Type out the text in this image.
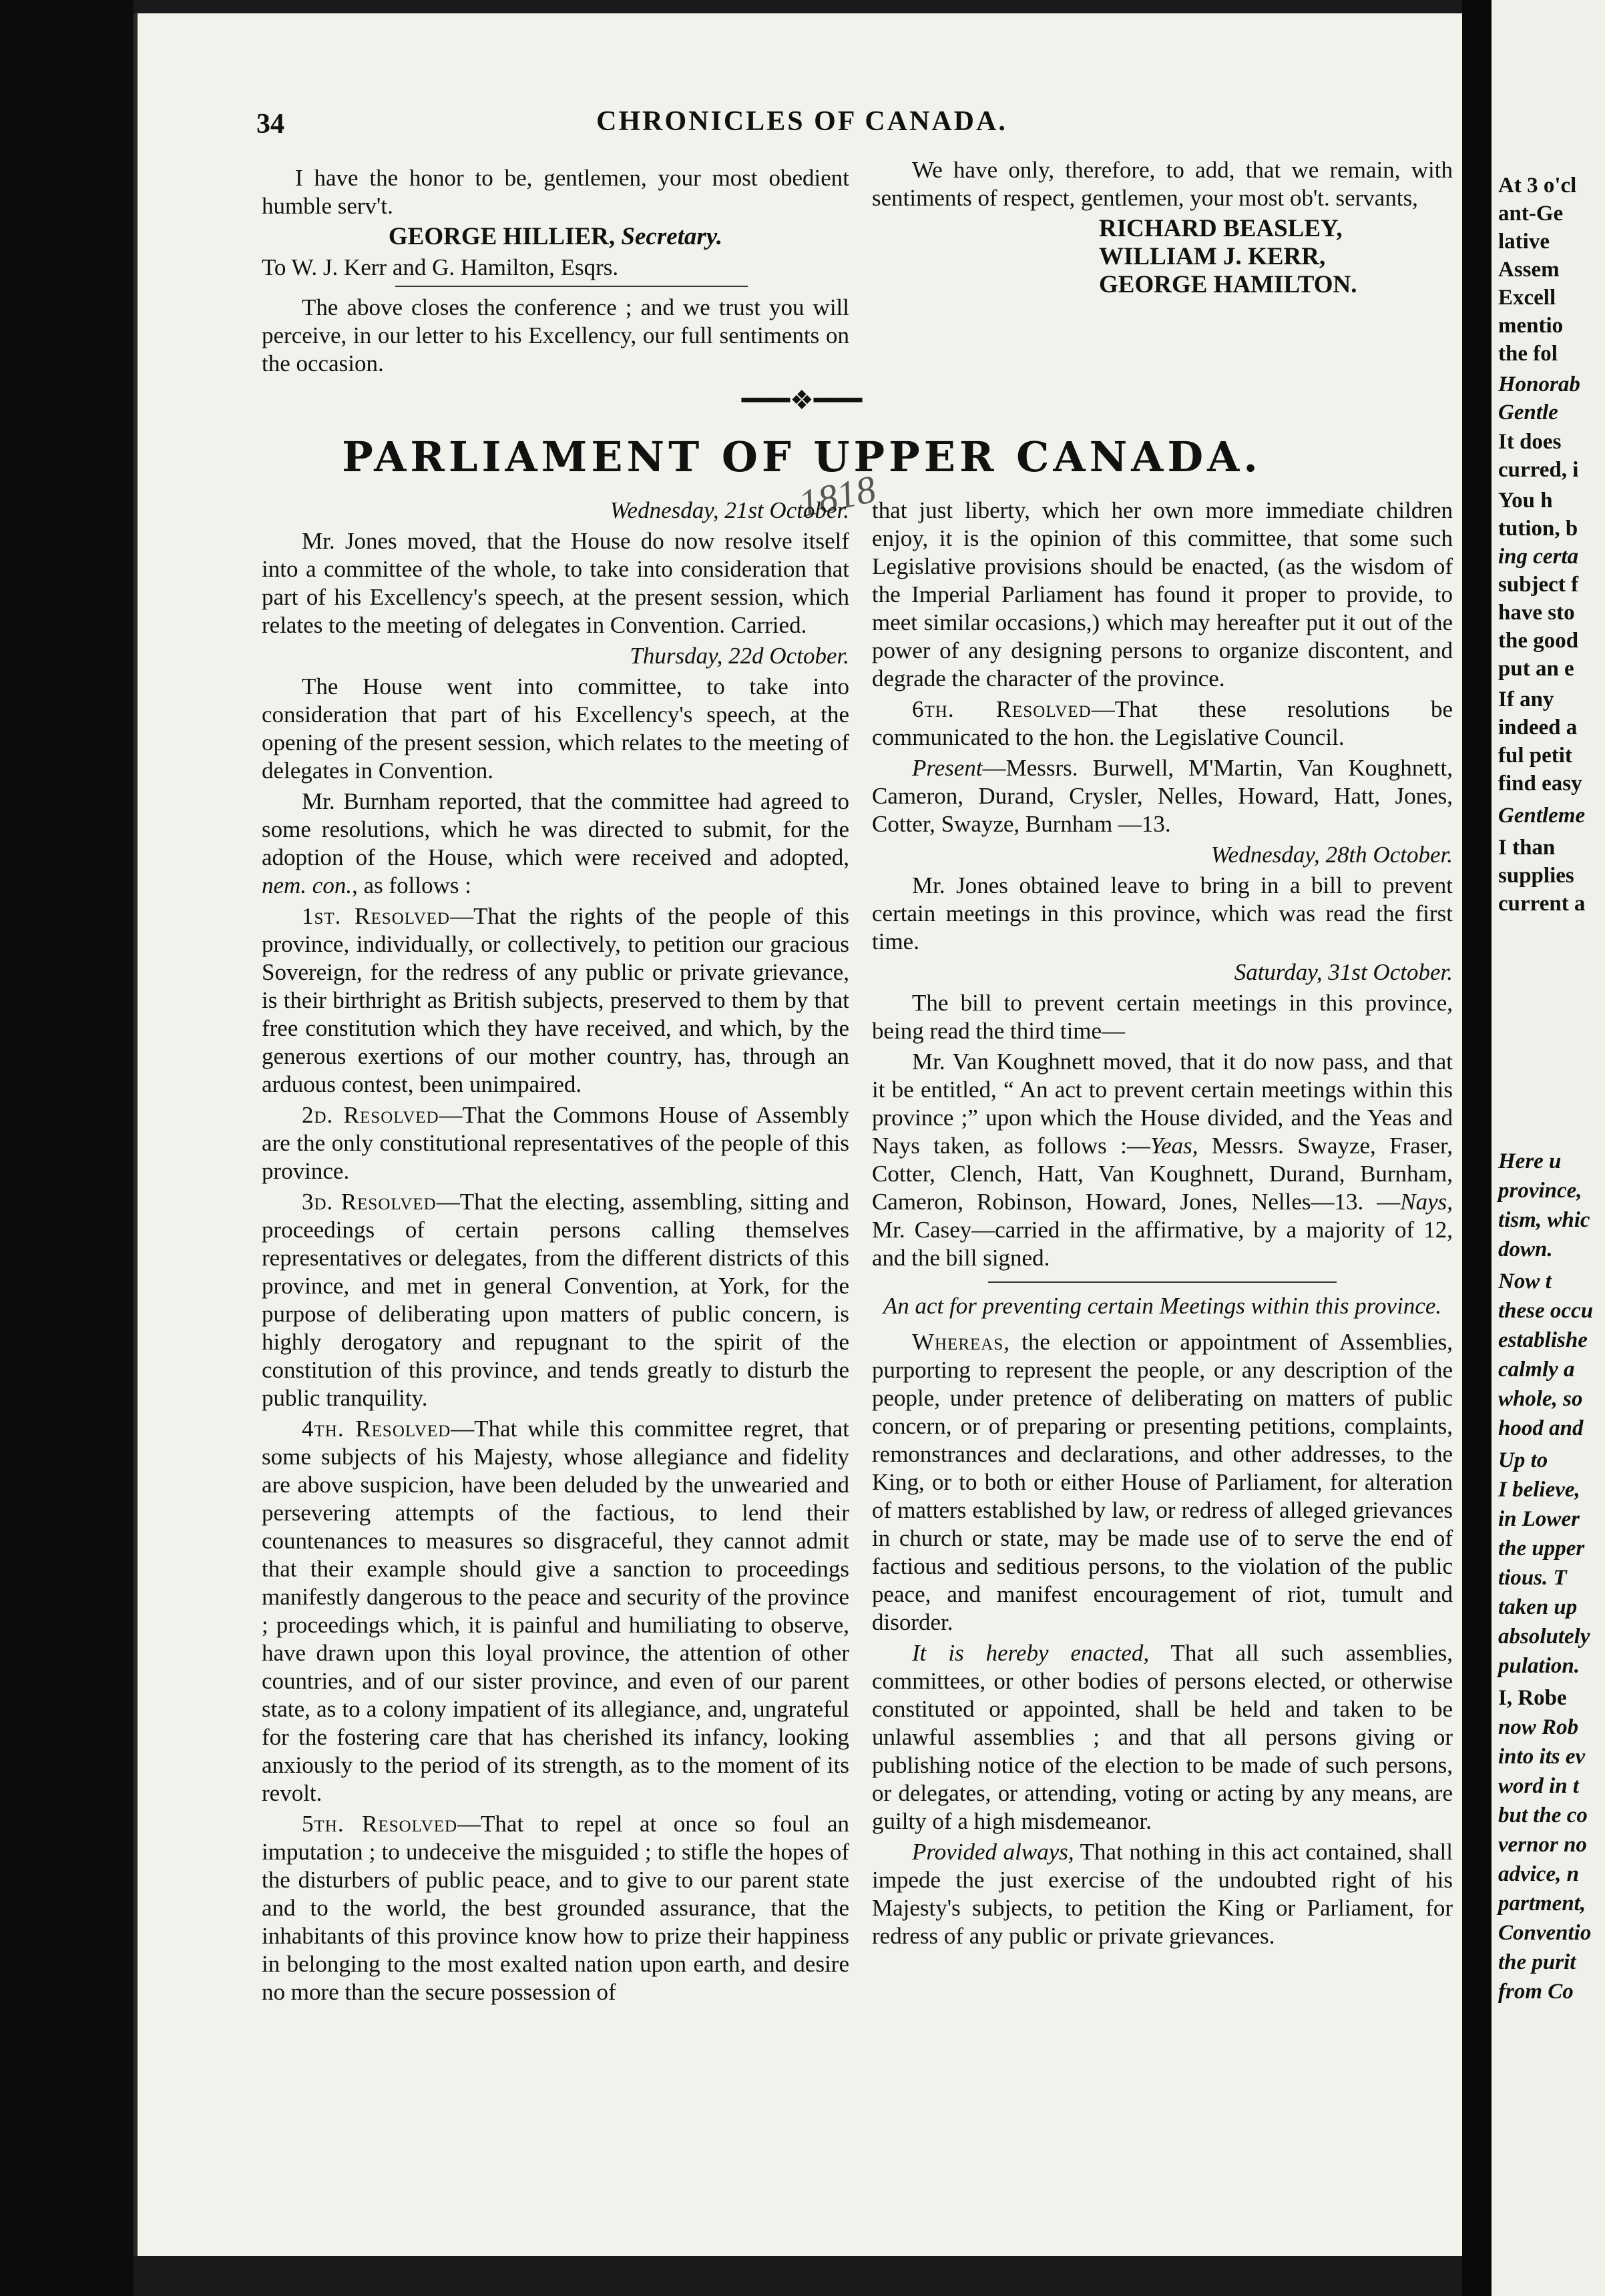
34	CHRONICLES OF CANADA.

I have the honor to be, gentlemen, your most obedient humble serv't.

GEORGE HILLIER, Secretary.

To W. J. Kerr and G. Hamilton, Esqrs.

The above closes the conference ; and we trust you will perceive, in our letter to his Excellency, our full sentiments on the occasion.

We have only, therefore, to add, that we remain, with sentiments of respect, gentlemen, your most ob't. servants,

RICHARD BEASLEY,
WILLIAM J. KERR,
GEORGE HAMILTON.
━━━❖━━━
PARLIAMENT OF UPPER CANADA.
1818

Wednesday, 21st October.

Mr. Jones moved, that the House do now resolve itself into a committee of the whole, to take into consideration that part of his Excellency's speech, at the present session, which relates to the meeting of delegates in Convention. Carried.

Thursday, 22d October.

The House went into committee, to take into consideration that part of his Excellency's speech, at the opening of the present session, which relates to the meeting of delegates in Convention.

Mr. Burnham reported, that the committee had agreed to some resolutions, which he was directed to submit, for the adoption of the House, which were received and adopted, nem. con., as follows :

1st. Resolved—That the rights of the people of this province, individually, or collectively, to petition our gracious Sovereign, for the redress of any public or private grievance, is their birthright as British subjects, preserved to them by that free constitution which they have received, and which, by the generous exertions of our mother country, has, through an arduous contest, been unimpaired.

2d. Resolved—That the Commons House of Assembly are the only constitutional representatives of the people of this province.

3d. Resolved—That the electing, assembling, sitting and proceedings of certain persons calling themselves representatives or delegates, from the different districts of this province, and met in general Convention, at York, for the purpose of deliberating upon matters of public concern, is highly derogatory and repugnant to the spirit of the constitution of this province, and tends greatly to disturb the public tranquility.

4th. Resolved—That while this committee regret, that some subjects of his Majesty, whose allegiance and fidelity are above suspicion, have been deluded by the unwearied and persevering attempts of the factious, to lend their countenances to measures so disgraceful, they cannot admit that their example should give a sanction to proceedings manifestly dangerous to the peace and security of the province ; proceedings which, it is painful and humiliating to observe, have drawn upon this loyal province, the attention of other countries, and of our sister province, and even of our parent state, as to a colony impatient of its allegiance, and, ungrateful for the fostering care that has cherished its infancy, looking anxiously to the period of its strength, as to the moment of its revolt.

5th. Resolved—That to repel at once so foul an imputation ; to undeceive the misguided ; to stifle the hopes of the disturbers of public peace, and to give to our parent state and to the world, the best grounded assurance, that the inhabitants of this province know how to prize their happiness in belonging to the most exalted nation upon earth, and desire no more than the secure possession of

that just liberty, which her own more immediate children enjoy, it is the opinion of this committee, that some such Legislative provisions should be enacted, (as the wisdom of the Imperial Parliament has found it proper to provide, to meet similar occasions,) which may hereafter put it out of the power of any designing persons to organize discontent, and degrade the character of the province.

6th. Resolved—That these resolutions be communicated to the hon. the Legislative Council.

Present—Messrs. Burwell, M'Martin, Van Koughnett, Cameron, Durand, Crysler, Nelles, Howard, Hatt, Jones, Cotter, Swayze, Burnham —13.

Wednesday, 28th October.

Mr. Jones obtained leave to bring in a bill to prevent certain meetings in this province, which was read the first time.

Saturday, 31st October.

The bill to prevent certain meetings in this province, being read the third time—

Mr. Van Koughnett moved, that it do now pass, and that it be entitled, “ An act to prevent certain meetings within this province ;” upon which the House divided, and the Yeas and Nays taken, as follows :—Yeas, Messrs. Swayze, Fraser, Cotter, Clench, Hatt, Van Koughnett, Durand, Burnham, Cameron, Robinson, Howard, Jones, Nelles—13. —Nays, Mr. Casey—carried in the affirmative, by a majority of 12, and the bill signed.

An act for preventing certain Meetings within this province.

Whereas, the election or appointment of Assemblies, purporting to represent the people, or any description of the people, under pretence of deliberating on matters of public concern, or of preparing or presenting petitions, complaints, remonstrances and declarations, and other addresses, to the King, or to both or either House of Parliament, for alteration of matters established by law, or redress of alleged grievances in church or state, may be made use of to serve the end of factious and seditious persons, to the violation of the public peace, and manifest encouragement of riot, tumult and disorder.

It is hereby enacted, That all such assemblies, committees, or other bodies of persons elected, or otherwise constituted or appointed, shall be held and taken to be unlawful assemblies ; and that all persons giving or publishing notice of the election to be made of such persons, or delegates, or attending, voting or acting by any means, are guilty of a high misdemeanor.

Provided always, That nothing in this act contained, shall impede the just exercise of the undoubted right of his Majesty's subjects, to petition the King or Parliament, for redress of any public or private grievances.

At 3 o'cl
ant-Ge
lative
Assem
Excell
mentio
the fol
Honorab
Gentle
It does
curred, i
You h
tution, b
ing certa
subject f
have sto
the good
put an e
If any
indeed a
ful petit
find easy
Gentleme
I than
supplies
current a
Here u
province,
tism, whic
down.
Now t
these occu
establishe
calmly a
whole, so
hood and
Up to
I believe,
in Lower
the upper
tious. T
taken up
absolutely
pulation.
I, Robe
now Rob
into its ev
word in t
but the co
vernor no
advice, n
partment,
Conventio
the purit
from Co
